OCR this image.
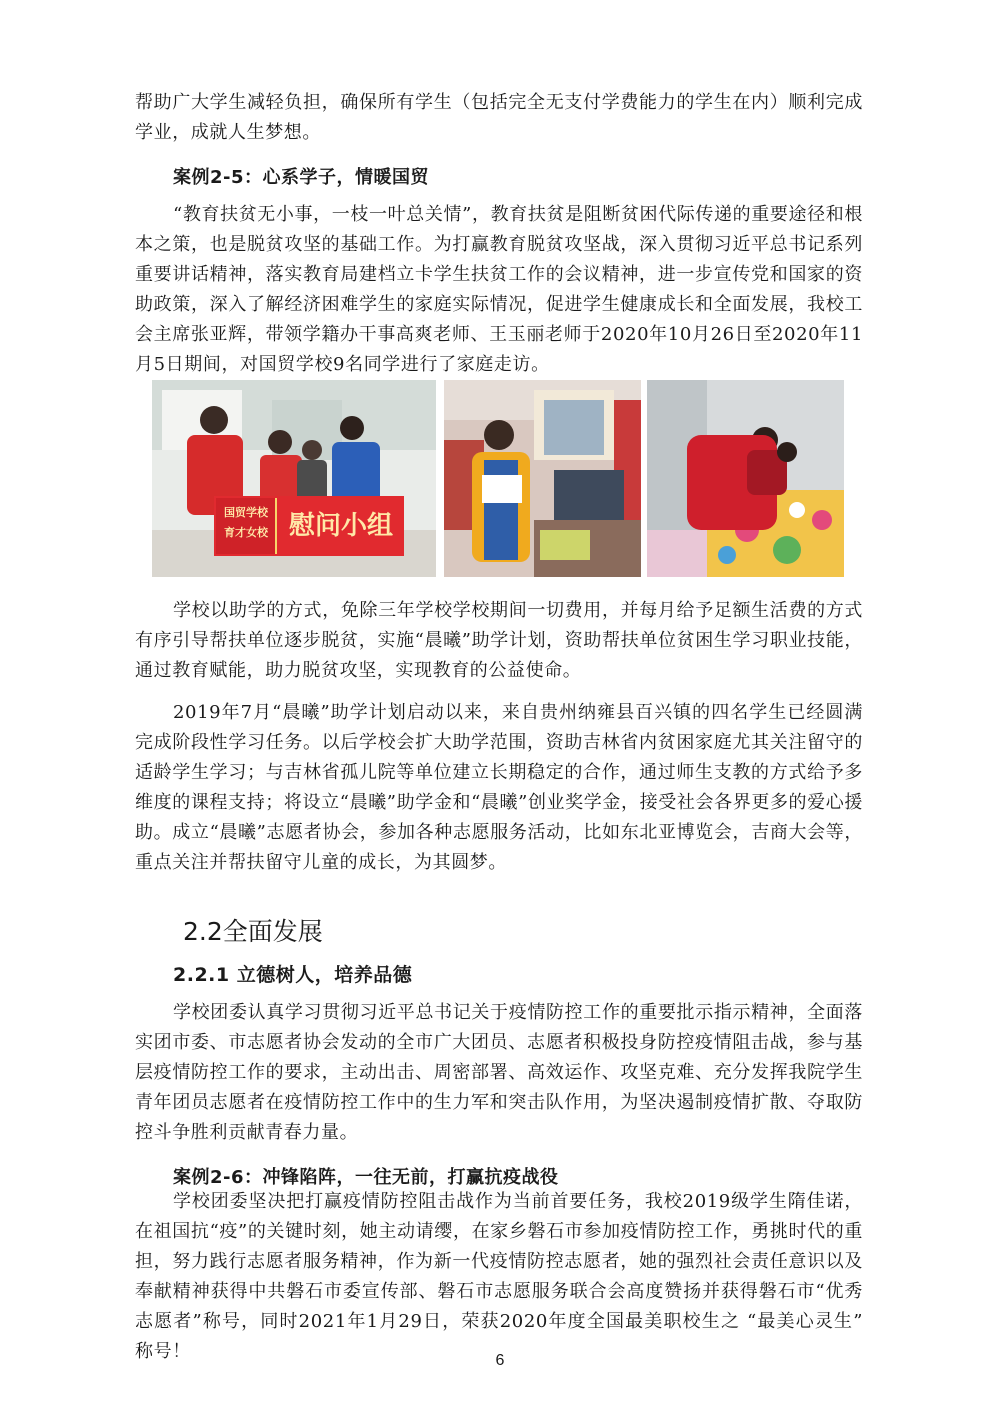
帮助广大学生减轻负担，确保所有学生（包括完全无支付学费能力的学生在内）顺利完成学业，成就人生梦想。

案例2-5：心系学子，情暖国贸

“教育扶贫无小事，一枝一叶总关情”，教育扶贫是阻断贫困代际传递的重要途径和根本之策，也是脱贫攻坚的基础工作。为打赢教育脱贫攻坚战，深入贯彻习近平总书记系列重要讲话精神，落实教育局建档立卡学生扶贫工作的会议精神，进一步宣传党和国家的资助政策，深入了解经济困难学生的家庭实际情况，促进学生健康成长和全面发展，我校工会主席张亚辉，带领学籍办干事高爽老师、王玉丽老师于2020年10月26日至2020年11月5日期间，对国贸学校9名同学进行了家庭走访。

国贸学校
育才女校 慰问小组

学校以助学的方式，免除三年学校学校期间一切费用，并每月给予足额生活费的方式有序引导帮扶单位逐步脱贫，实施“晨曦”助学计划，资助帮扶单位贫困生学习职业技能，通过教育赋能，助力脱贫攻坚，实现教育的公益使命。

2019年7月“晨曦”助学计划启动以来，来自贵州纳雍县百兴镇的四名学生已经圆满完成阶段性学习任务。以后学校会扩大助学范围，资助吉林省内贫困家庭尤其关注留守的适龄学生学习；与吉林省孤儿院等单位建立长期稳定的合作，通过师生支教的方式给予多维度的课程支持；将设立“晨曦”助学金和“晨曦”创业奖学金，接受社会各界更多的爱心援助。成立“晨曦”志愿者协会，参加各种志愿服务活动，比如东北亚博览会，吉商大会等，重点关注并帮扶留守儿童的成长，为其圆梦。

2.2全面发展
2.2.1 立德树人，培养品德

学校团委认真学习贯彻习近平总书记关于疫情防控工作的重要批示指示精神，全面落实团市委、市志愿者协会发动的全市广大团员、志愿者积极投身防控疫情阻击战，参与基层疫情防控工作的要求，主动出击、周密部署、高效运作、攻坚克难、充分发挥我院学生青年团员志愿者在疫情防控工作中的生力军和突击队作用，为坚决遏制疫情扩散、夺取防控斗争胜利贡献青春力量。

案例2-6：冲锋陷阵，一往无前，打赢抗疫战役

学校团委坚决把打赢疫情防控阻击战作为当前首要任务，我校2019级学生隋佳诺，在祖国抗“疫”的关键时刻，她主动请缨，在家乡磐石市参加疫情防控工作，勇挑时代的重担，努力践行志愿者服务精神，作为新一代疫情防控志愿者，她的强烈社会责任意识以及奉献精神获得中共磐石市委宣传部、磐石市志愿服务联合会高度赞扬并获得磐石市“优秀志愿者”称号，同时2021年1月29日，荣获2020年度全国最美职校生之 “最美心灵生” 称号！	6
